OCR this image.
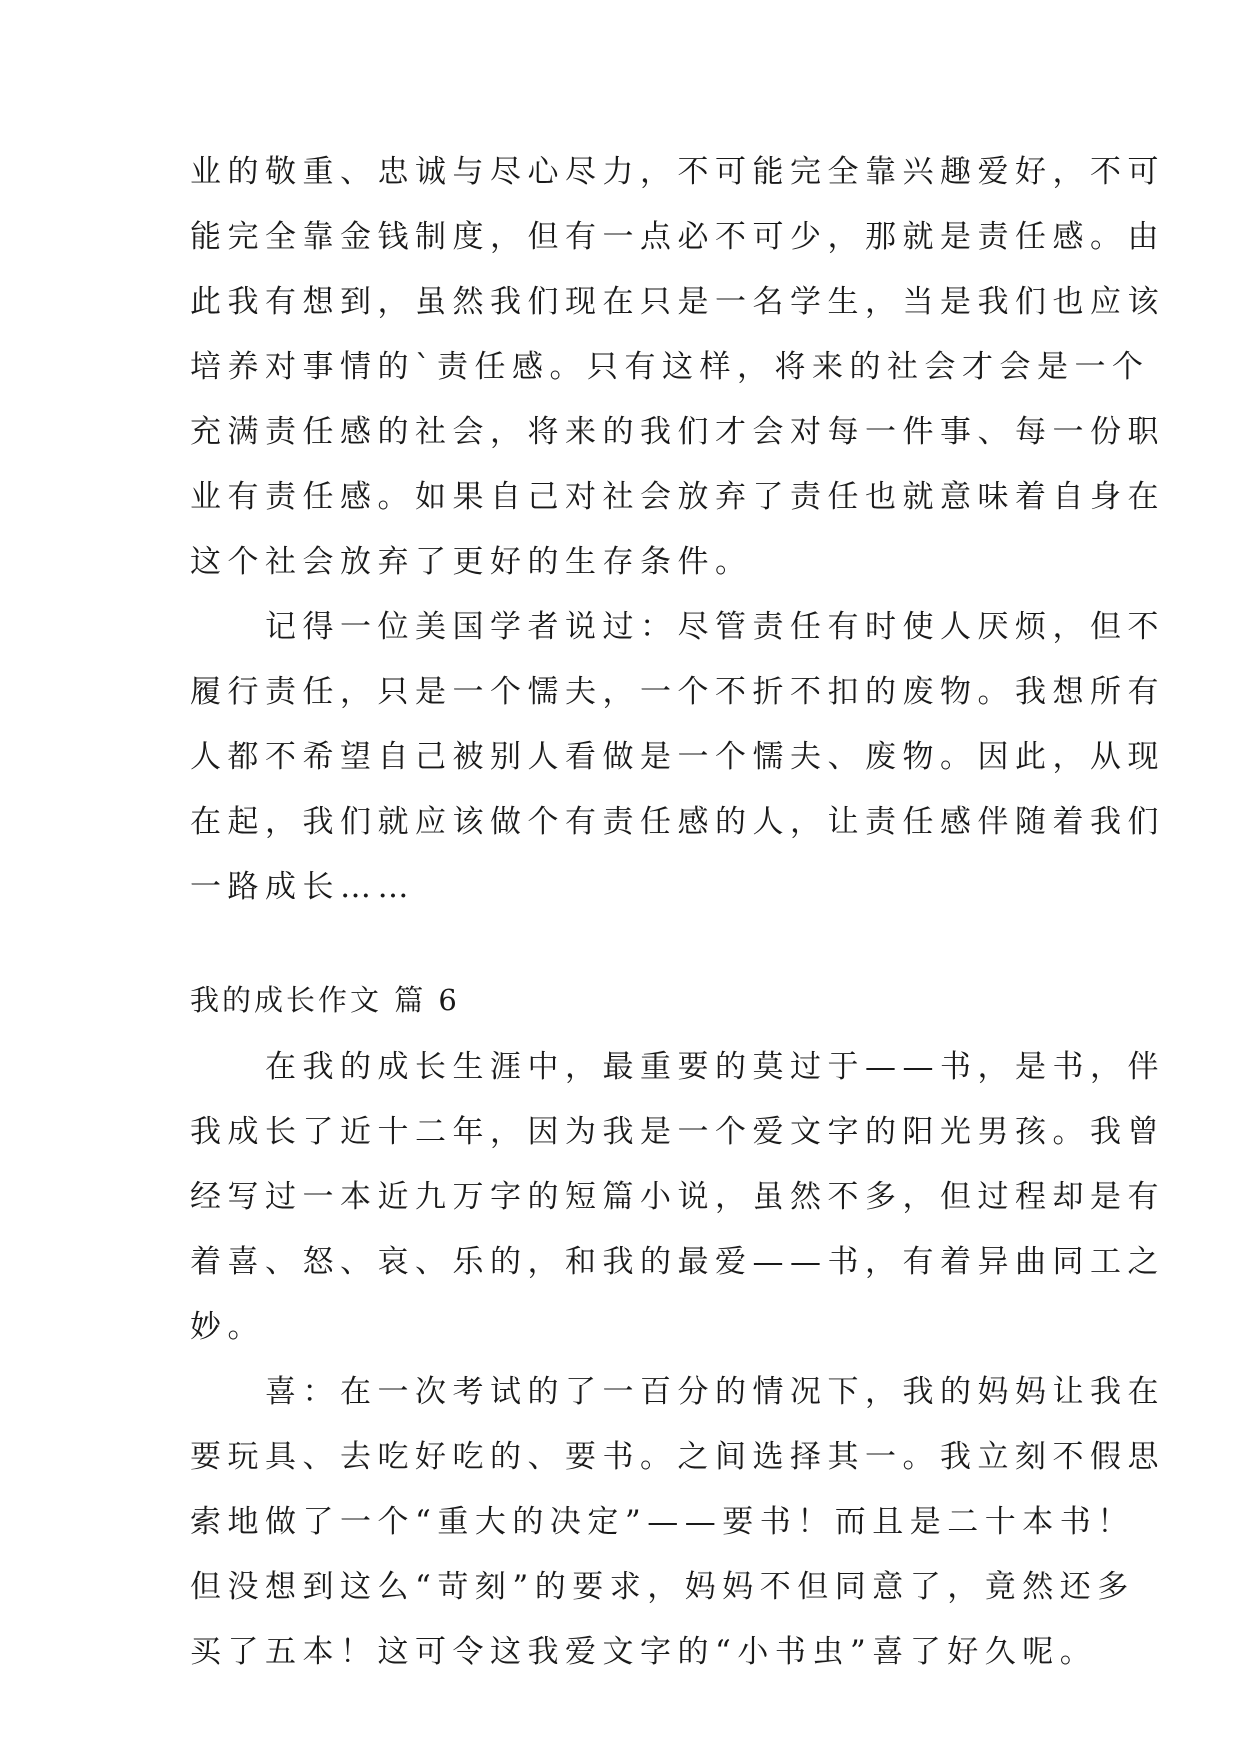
业的敬重、忠诚与尽心尽力，不可能完全靠兴趣爱好，不可
能完全靠金钱制度，但有一点必不可少，那就是责任感。由
此我有想到，虽然我们现在只是一名学生，当是我们也应该
培养对事情的`责任感。只有这样，将来的社会才会是一个
充满责任感的社会，将来的我们才会对每一件事、每一份职
业有责任感。如果自己对社会放弃了责任也就意味着自身在
这个社会放弃了更好的生存条件。
　　记得一位美国学者说过：尽管责任有时使人厌烦，但不
履行责任，只是一个懦夫，一个不折不扣的废物。我想所有
人都不希望自己被别人看做是一个懦夫、废物。因此，从现
在起，我们就应该做个有责任感的人，让责任感伴随着我们
一路成长……
我的成长作文 篇 6
　　在我的成长生涯中，最重要的莫过于——书，是书，伴
我成长了近十二年，因为我是一个爱文字的阳光男孩。我曾
经写过一本近九万字的短篇小说，虽然不多，但过程却是有
着喜、怒、哀、乐的，和我的最爱——书，有着异曲同工之
妙。
　　喜：在一次考试的了一百分的情况下，我的妈妈让我在
要玩具、去吃好吃的、要书。之间选择其一。我立刻不假思
索地做了一个“重大的决定”——要书！而且是二十本书！
但没想到这么“苛刻”的要求，妈妈不但同意了，竟然还多
买了五本！这可令这我爱文字的“小书虫”喜了好久呢。
